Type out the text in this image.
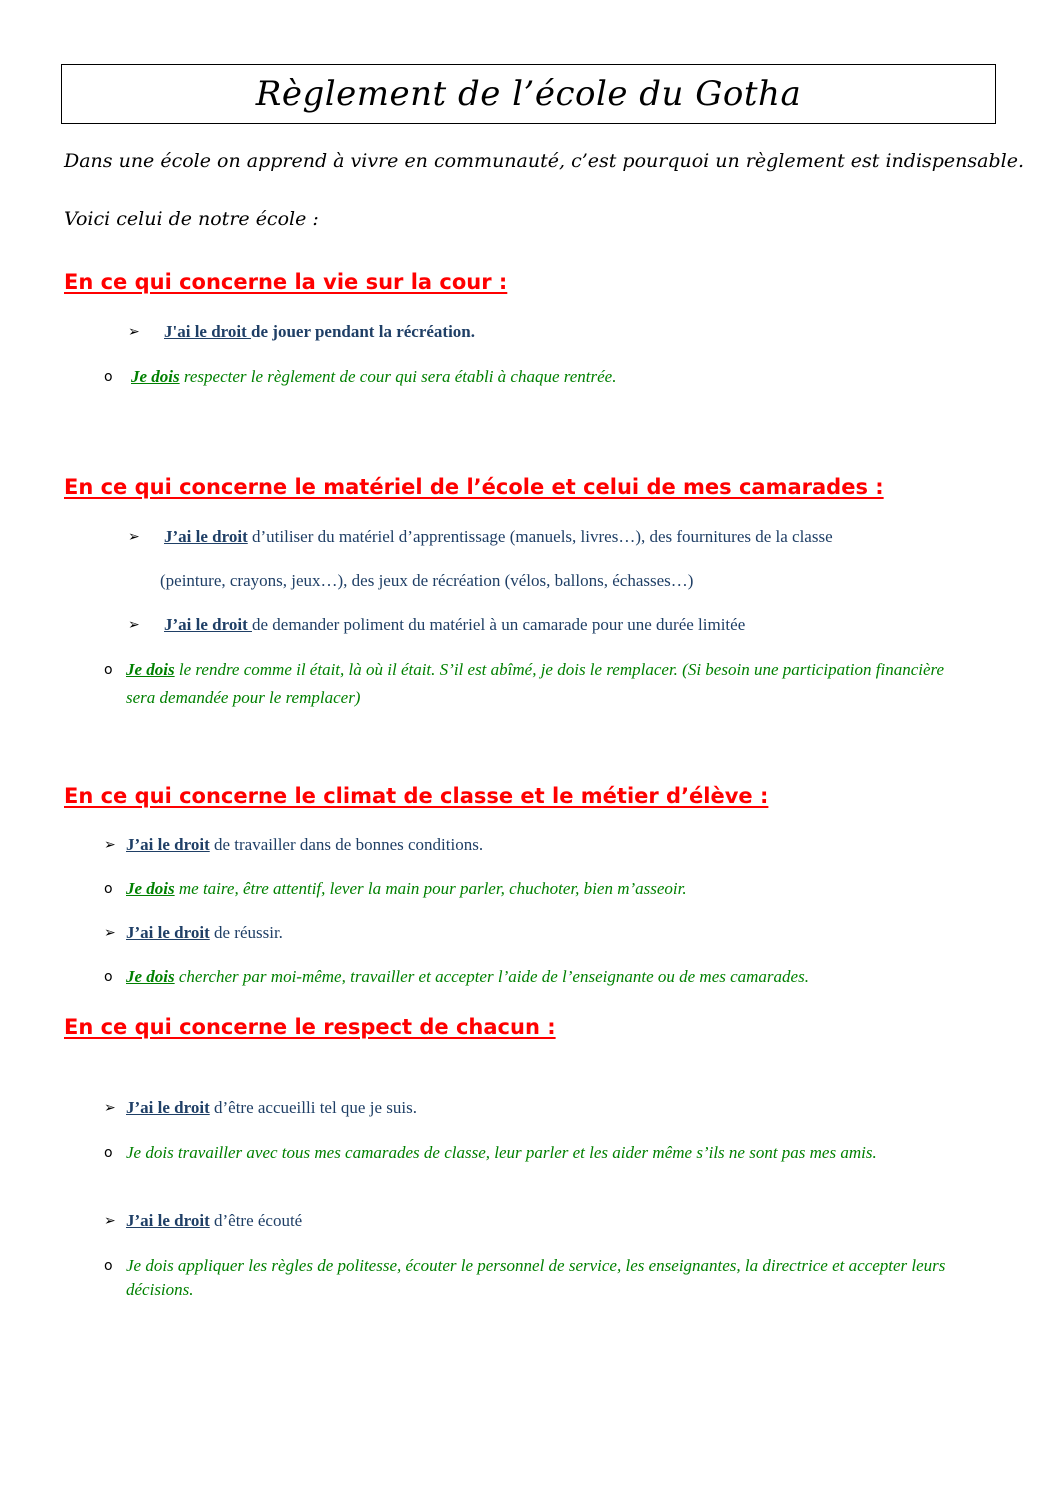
Règlement de l’école du Gotha
Dans une école on apprend à vivre en communauté, c’est pourquoi un règlement est indispensable.
Voici celui de notre école :
En ce qui concerne la vie sur la cour :
➢ J'ai le droit de jouer pendant la récréation.
o Je dois respecter le règlement de cour qui sera établi à chaque rentrée.
En ce qui concerne le matériel de l’école et celui de mes camarades :
➢ J’ai le droit d’utiliser du matériel d’apprentissage (manuels, livres…), des fournitures de la classe
(peinture, crayons, jeux…), des jeux de récréation (vélos, ballons, échasses…)
➢ J’ai le droit de demander poliment du matériel à un camarade pour une durée limitée
o Je dois le rendre comme il était, là où il était. S’il est abîmé, je dois le remplacer. (Si besoin une participation financière sera demandée pour le remplacer)
En ce qui concerne le climat de classe et le métier d’élève :
➢ J’ai le droit de travailler dans de bonnes conditions.
o Je dois me taire, être attentif, lever la main pour parler, chuchoter, bien m’asseoir.
➢ J’ai le droit de réussir.
o Je dois chercher par moi-même, travailler et accepter l’aide de l’enseignante ou de mes camarades.
En ce qui concerne le respect de chacun :
➢ J’ai le droit d’être accueilli tel que je suis.
o Je dois travailler avec tous mes camarades de classe, leur parler et les aider même s’ils ne sont pas mes amis.
➢ J’ai le droit d’être écouté
o Je dois appliquer les règles de politesse, écouter le personnel de service, les enseignantes, la directrice et accepter leurs décisions.
